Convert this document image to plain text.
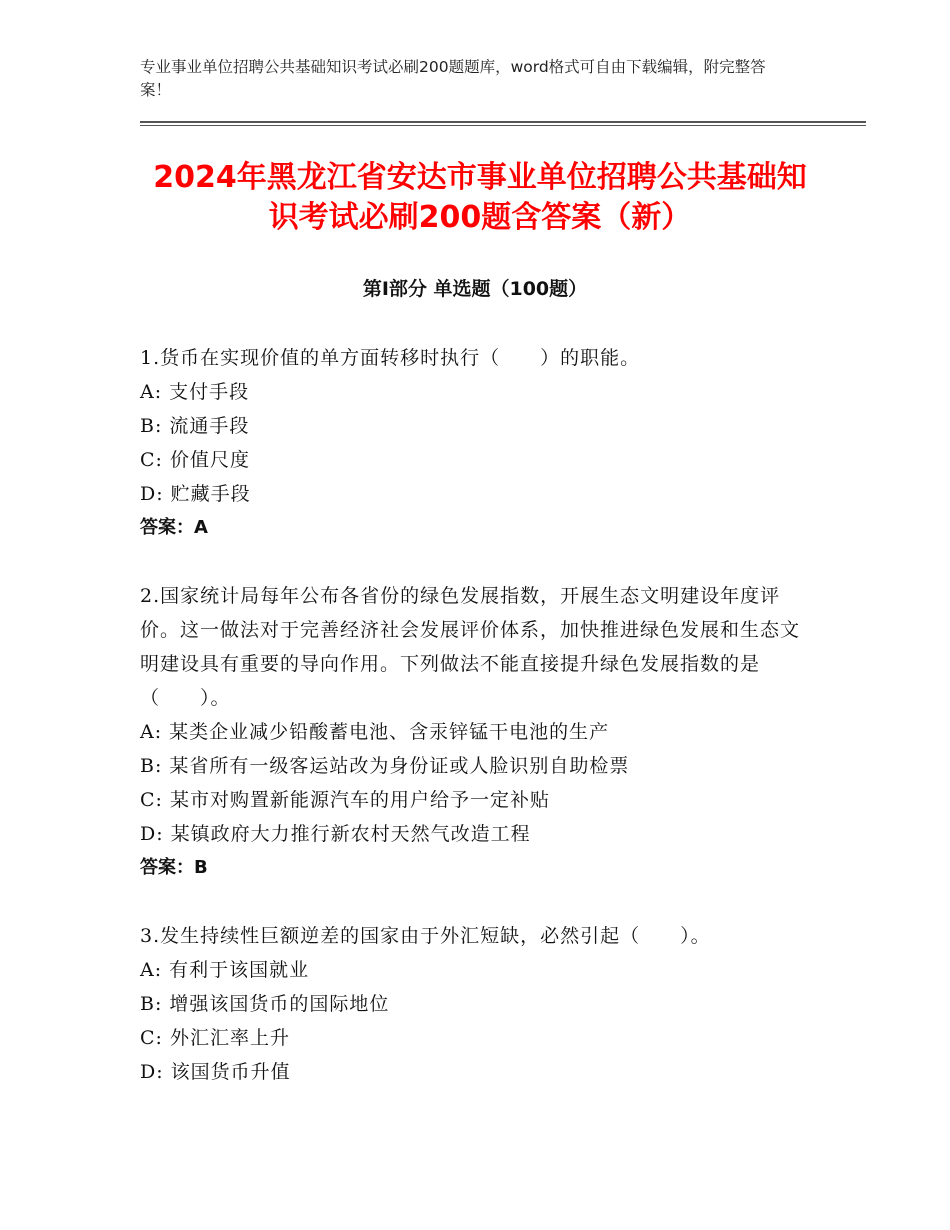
专业事业单位招聘公共基础知识考试必刷200题题库，word格式可自由下载编辑，附完整答案！
2024年黑龙江省安达市事业单位招聘公共基础知识考试必刷200题含答案（新）
第Ⅰ部分 单选题（100题）
1.货币在实现价值的单方面转移时执行（　　）的职能。
A: 支付手段
B: 流通手段
C: 价值尺度
D: 贮藏手段
答案：A
2.国家统计局每年公布各省份的绿色发展指数，开展生态文明建设年度评价。这一做法对于完善经济社会发展评价体系，加快推进绿色发展和生态文明建设具有重要的导向作用。下列做法不能直接提升绿色发展指数的是（　　）。
A: 某类企业减少铅酸蓄电池、含汞锌锰干电池的生产
B: 某省所有一级客运站改为身份证或人脸识别自助检票
C: 某市对购置新能源汽车的用户给予一定补贴
D: 某镇政府大力推行新农村天然气改造工程
答案：B
3.发生持续性巨额逆差的国家由于外汇短缺，必然引起（　　）。
A: 有利于该国就业
B: 增强该国货币的国际地位
C: 外汇汇率上升
D: 该国货币升值
